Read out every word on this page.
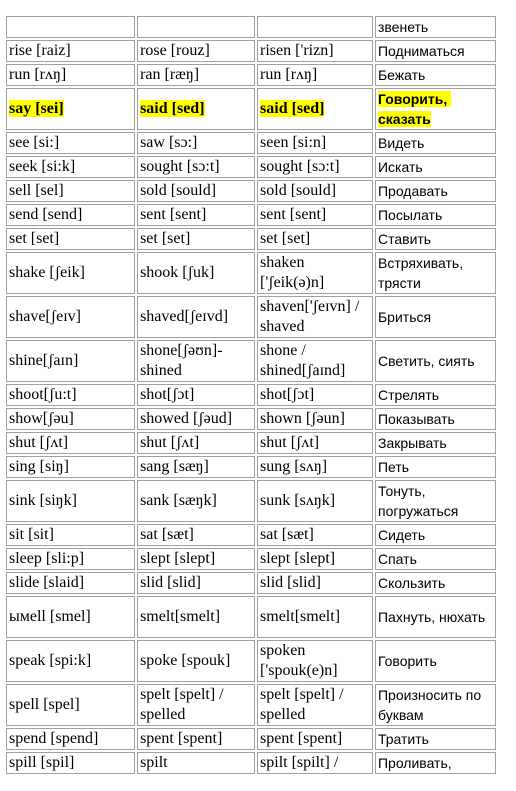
			звенеть
rise [raiz]	rose [rouz]	risen ['rizn]	Подниматься
run [rʌŋ]	ran [ræŋ]	run [rʌŋ]	Бежать
say [sei]	said [sed]	said [sed]	Говорить, сказать
see [si:]	saw [sɔ:]	seen [si:n]	Видеть
seek [si:k]	sought [sɔ:t]	sought [sɔ:t]	Искать
sell [sel]	sold [sould]	sold [sould]	Продавать
send [send]	sent [sent]	sent [sent]	Посылать
set [set]	set [set]	set [set]	Ставить
shake [ʃeik]	shook [ʃuk]	shaken ['ʃeik(ə)n]	Встряхивать, трясти
shave[ʃeɪv]	shaved[ʃeɪvd]	shaven['ʃeɪvn] / shaved	Бриться
shine[ʃaɪn]	shone[ʃəʊn]-shined	shone / shined[ʃaɪnd]	Светить, сиять
shoot[ʃu:t]	shot[ʃɔt]	shot[ʃɔt]	Стрелять
show[ʃəu]	showed [ʃəud]	shown [ʃəun]	Показывать
shut [ʃʌt]	shut [ʃʌt]	shut [ʃʌt]	Закрывать
sing [siŋ]	sang [sæŋ]	sung [sʌŋ]	Петь
sink [siŋk]	sank [sæŋk]	sunk [sʌŋk]	Тонуть, погружаться
sit [sit]	sat [sæt]	sat [sæt]	Сидеть
sleep [sli:p]	slept [slept]	slept [slept]	Спать
slide [slaid]	slid [slid]	slid [slid]	Скользить
ымell [smel]	smelt[smelt]	smelt[smelt]	Пахнуть, нюхать
speak [spi:k]	spoke [spouk]	spoken ['spouk(e)n]	Говорить
spell [spel]	spelt [spelt] / spelled	spelt [spelt] / spelled	Произносить по буквам
spend [spend]	spent [spent]	spent [spent]	Тратить
spill [spil]	spilt	spilt [spilt] /	Проливать,
